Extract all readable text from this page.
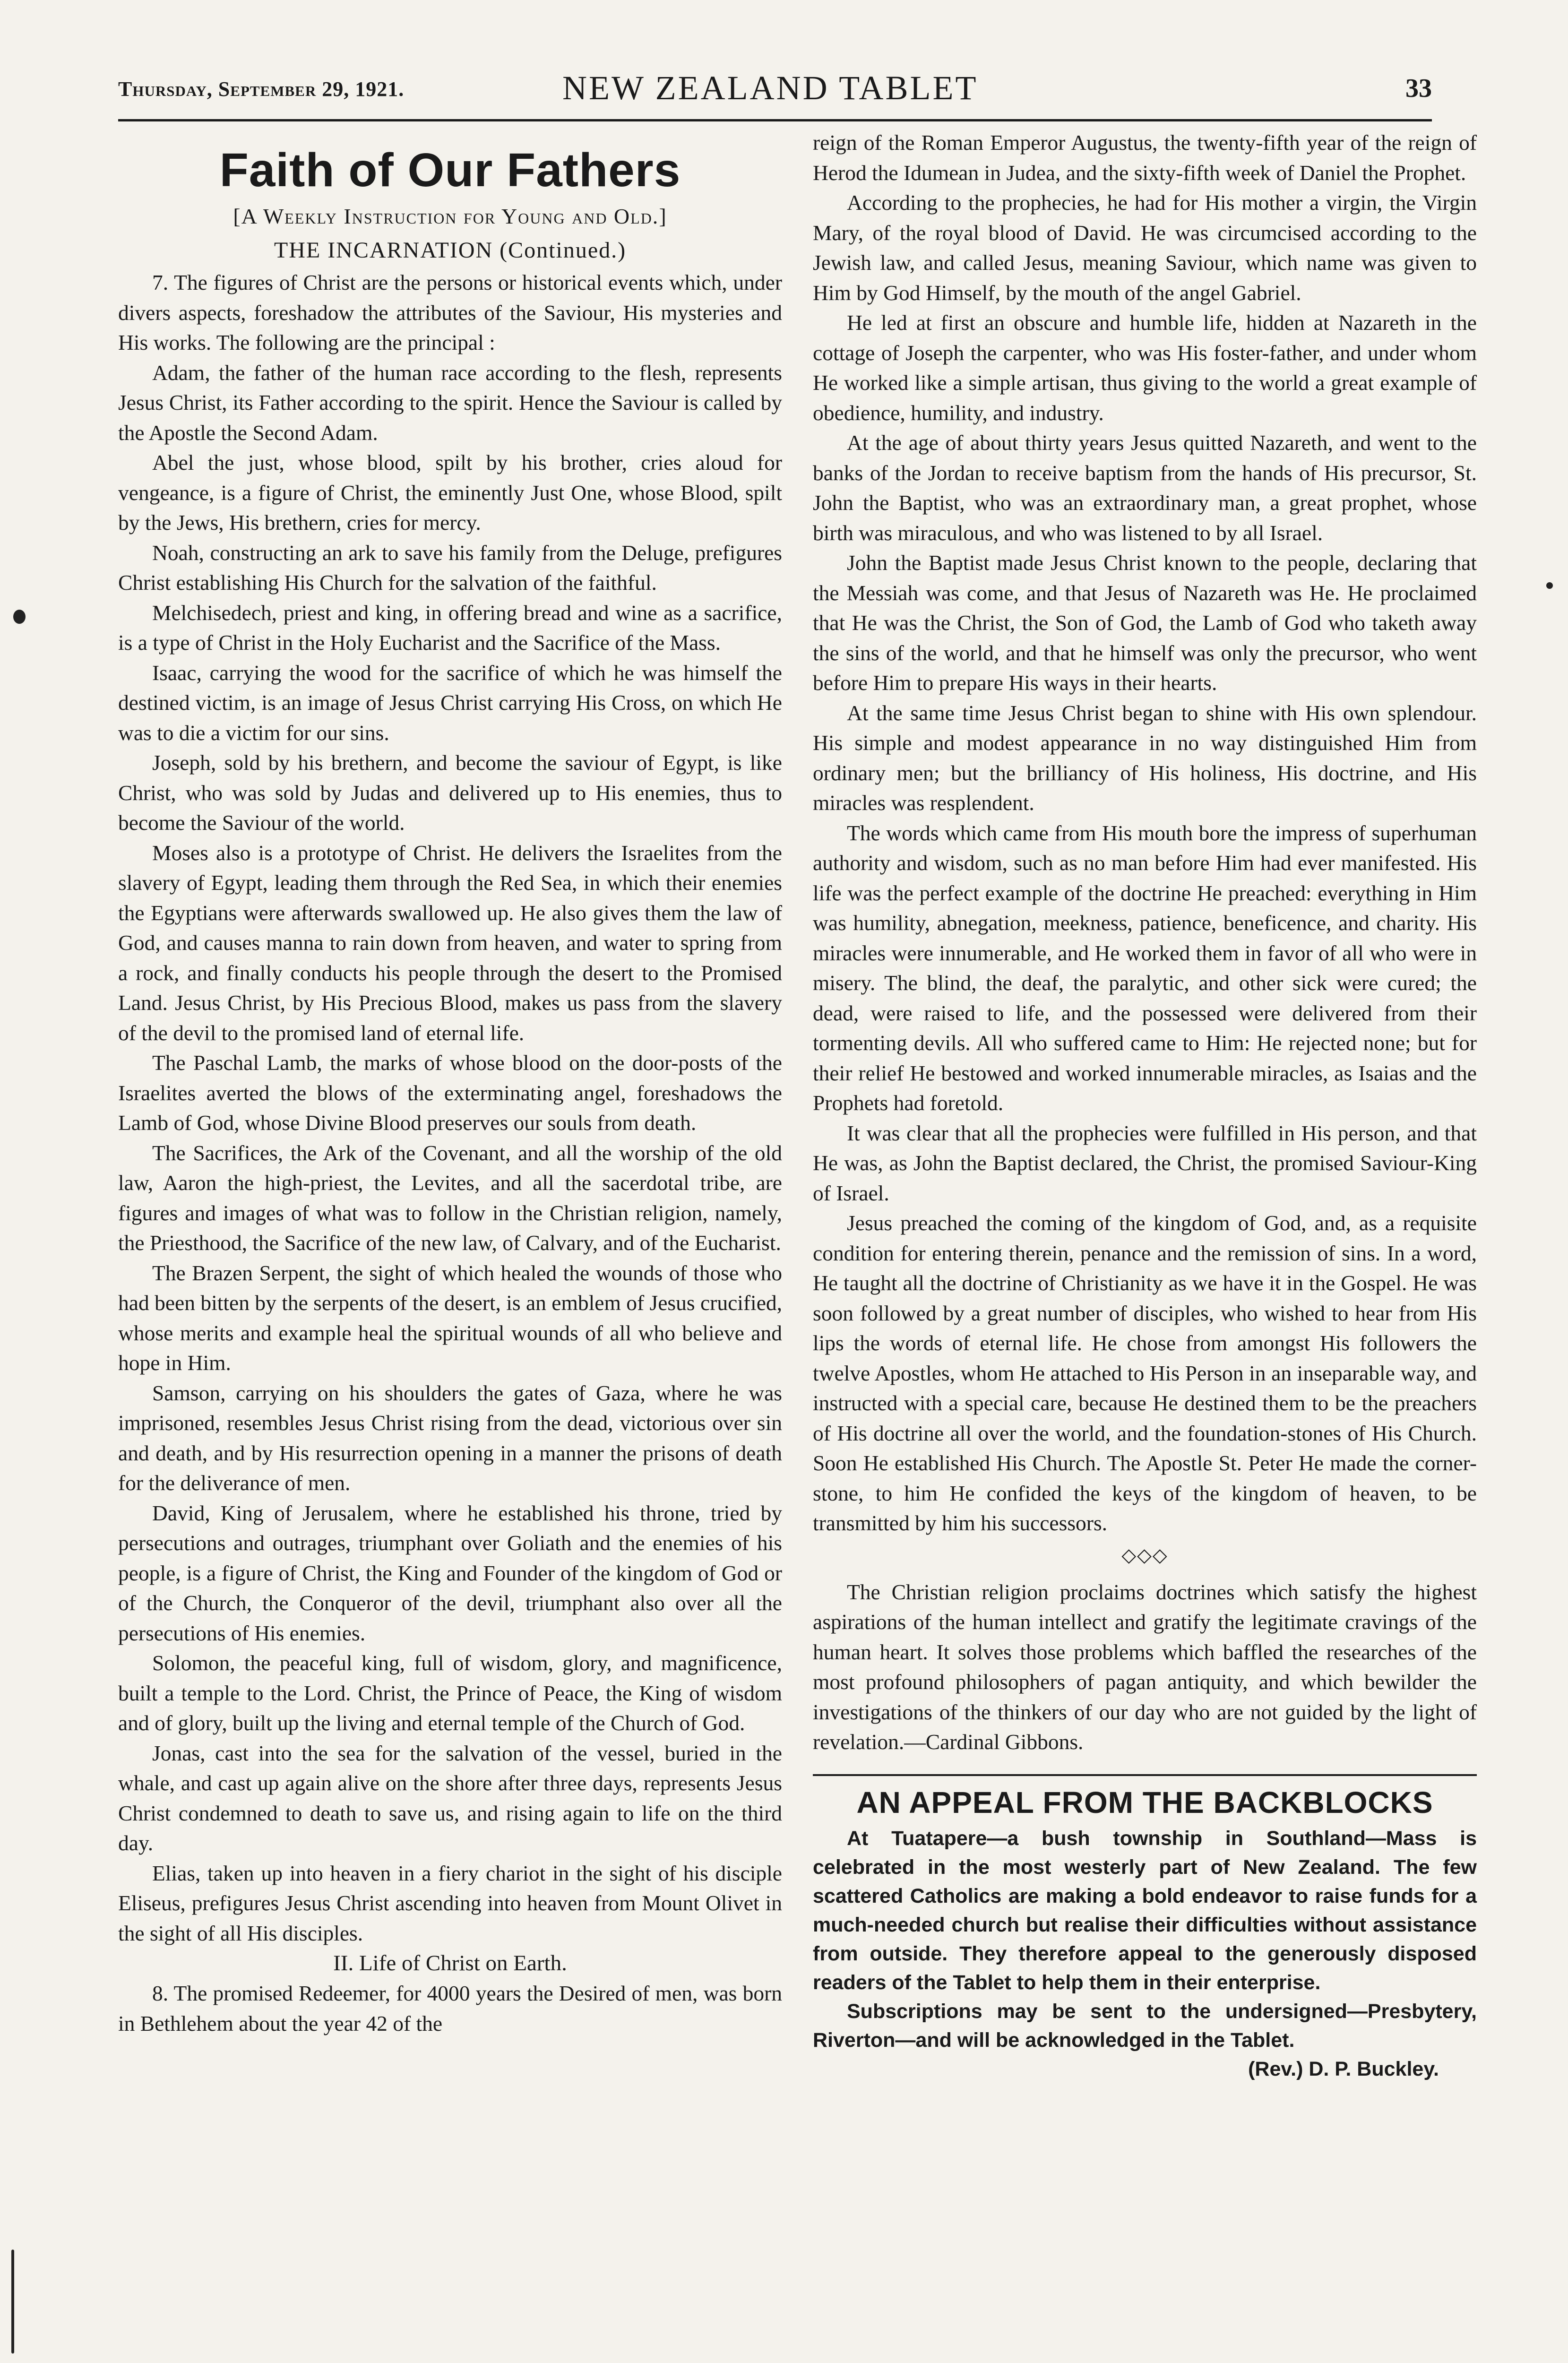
Thursday, September 29, 1921.	NEW ZEALAND TABLET	33
Faith of Our Fathers
[A Weekly Instruction for Young and Old.]
THE INCARNATION (Continued.)

7. The figures of Christ are the persons or historical events which, under divers aspects, foreshadow the attributes of the Saviour, His mysteries and His works. The following are the principal :

Adam, the father of the human race according to the flesh, represents Jesus Christ, its Father according to the spirit. Hence the Saviour is called by the Apostle the Second Adam.

Abel the just, whose blood, spilt by his brother, cries aloud for vengeance, is a figure of Christ, the eminently Just One, whose Blood, spilt by the Jews, His brethern, cries for mercy.

Noah, constructing an ark to save his family from the Deluge, prefigures Christ establishing His Church for the salvation of the faithful.

Melchisedech, priest and king, in offering bread and wine as a sacrifice, is a type of Christ in the Holy Eucharist and the Sacrifice of the Mass.

Isaac, carrying the wood for the sacrifice of which he was himself the destined victim, is an image of Jesus Christ carrying His Cross, on which He was to die a victim for our sins.

Joseph, sold by his brethern, and become the saviour of Egypt, is like Christ, who was sold by Judas and delivered up to His enemies, thus to become the Saviour of the world.

Moses also is a prototype of Christ. He delivers the Israelites from the slavery of Egypt, leading them through the Red Sea, in which their enemies the Egyptians were afterwards swallowed up. He also gives them the law of God, and causes manna to rain down from heaven, and water to spring from a rock, and finally conducts his people through the desert to the Promised Land. Jesus Christ, by His Precious Blood, makes us pass from the slavery of the devil to the promised land of eternal life.

The Paschal Lamb, the marks of whose blood on the door-posts of the Israelites averted the blows of the exterminating angel, foreshadows the Lamb of God, whose Divine Blood preserves our souls from death.

The Sacrifices, the Ark of the Covenant, and all the worship of the old law, Aaron the high-priest, the Levites, and all the sacerdotal tribe, are figures and images of what was to follow in the Christian religion, namely, the Priesthood, the Sacrifice of the new law, of Calvary, and of the Eucharist.

The Brazen Serpent, the sight of which healed the wounds of those who had been bitten by the serpents of the desert, is an emblem of Jesus crucified, whose merits and example heal the spiritual wounds of all who believe and hope in Him.

Samson, carrying on his shoulders the gates of Gaza, where he was imprisoned, resembles Jesus Christ rising from the dead, victorious over sin and death, and by His resurrection opening in a manner the prisons of death for the deliverance of men.

David, King of Jerusalem, where he established his throne, tried by persecutions and outrages, triumphant over Goliath and the enemies of his people, is a figure of Christ, the King and Founder of the kingdom of God or of the Church, the Conqueror of the devil, triumphant also over all the persecutions of His enemies.

Solomon, the peaceful king, full of wisdom, glory, and magnificence, built a temple to the Lord. Christ, the Prince of Peace, the King of wisdom and of glory, built up the living and eternal temple of the Church of God.

Jonas, cast into the sea for the salvation of the vessel, buried in the whale, and cast up again alive on the shore after three days, represents Jesus Christ condemned to death to save us, and rising again to life on the third day.

Elias, taken up into heaven in a fiery chariot in the sight of his disciple Eliseus, prefigures Jesus Christ ascending into heaven from Mount Olivet in the sight of all His disciples.

II. Life of Christ on Earth.

8. The promised Redeemer, for 4000 years the Desired of men, was born in Bethlehem about the year 42 of the

reign of the Roman Emperor Augustus, the twenty-fifth year of the reign of Herod the Idumean in Judea, and the sixty-fifth week of Daniel the Prophet.

According to the prophecies, he had for His mother a virgin, the Virgin Mary, of the royal blood of David. He was circumcised according to the Jewish law, and called Jesus, meaning Saviour, which name was given to Him by God Himself, by the mouth of the angel Gabriel.

He led at first an obscure and humble life, hidden at Nazareth in the cottage of Joseph the carpenter, who was His foster-father, and under whom He worked like a simple artisan, thus giving to the world a great example of obedience, humility, and industry.

At the age of about thirty years Jesus quitted Nazareth, and went to the banks of the Jordan to receive baptism from the hands of His precursor, St. John the Baptist, who was an extraordinary man, a great prophet, whose birth was miraculous, and who was listened to by all Israel.

John the Baptist made Jesus Christ known to the people, declaring that the Messiah was come, and that Jesus of Nazareth was He. He proclaimed that He was the Christ, the Son of God, the Lamb of God who taketh away the sins of the world, and that he himself was only the precursor, who went before Him to prepare His ways in their hearts.

At the same time Jesus Christ began to shine with His own splendour. His simple and modest appearance in no way distinguished Him from ordinary men; but the brilliancy of His holiness, His doctrine, and His miracles was resplendent.

The words which came from His mouth bore the impress of superhuman authority and wisdom, such as no man before Him had ever manifested. His life was the perfect example of the doctrine He preached: everything in Him was humility, abnegation, meekness, patience, beneficence, and charity. His miracles were innumerable, and He worked them in favor of all who were in misery. The blind, the deaf, the paralytic, and other sick were cured; the dead, were raised to life, and the possessed were delivered from their tormenting devils. All who suffered came to Him: He rejected none; but for their relief He bestowed and worked innumerable miracles, as Isaias and the Prophets had foretold.

It was clear that all the prophecies were fulfilled in His person, and that He was, as John the Baptist declared, the Christ, the promised Saviour-King of Israel.

Jesus preached the coming of the kingdom of God, and, as a requisite condition for entering therein, penance and the remission of sins. In a word, He taught all the doctrine of Christianity as we have it in the Gospel. He was soon followed by a great number of disciples, who wished to hear from His lips the words of eternal life. He chose from amongst His followers the twelve Apostles, whom He attached to His Person in an inseparable way, and instructed with a special care, because He destined them to be the preachers of His doctrine all over the world, and the foundation-stones of His Church. Soon He established His Church. The Apostle St. Peter He made the corner-stone, to him He confided the keys of the kingdom of heaven, to be transmitted by him his successors.

◇◇◇

The Christian religion proclaims doctrines which satisfy the highest aspirations of the human intellect and gratify the legitimate cravings of the human heart. It solves those problems which baffled the researches of the most profound philosophers of pagan antiquity, and which bewilder the investigations of the thinkers of our day who are not guided by the light of revelation.—Cardinal Gibbons.

AN APPEAL FROM THE BACKBLOCKS

At Tuatapere—a bush township in Southland—Mass is celebrated in the most westerly part of New Zealand. The few scattered Catholics are making a bold endeavor to raise funds for a much-needed church but realise their difficulties without assistance from outside. They therefore appeal to the generously disposed readers of the Tablet to help them in their enterprise.

Subscriptions may be sent to the undersigned—Presbytery, Riverton—and will be acknowledged in the Tablet.

(Rev.) D. P. Buckley.
